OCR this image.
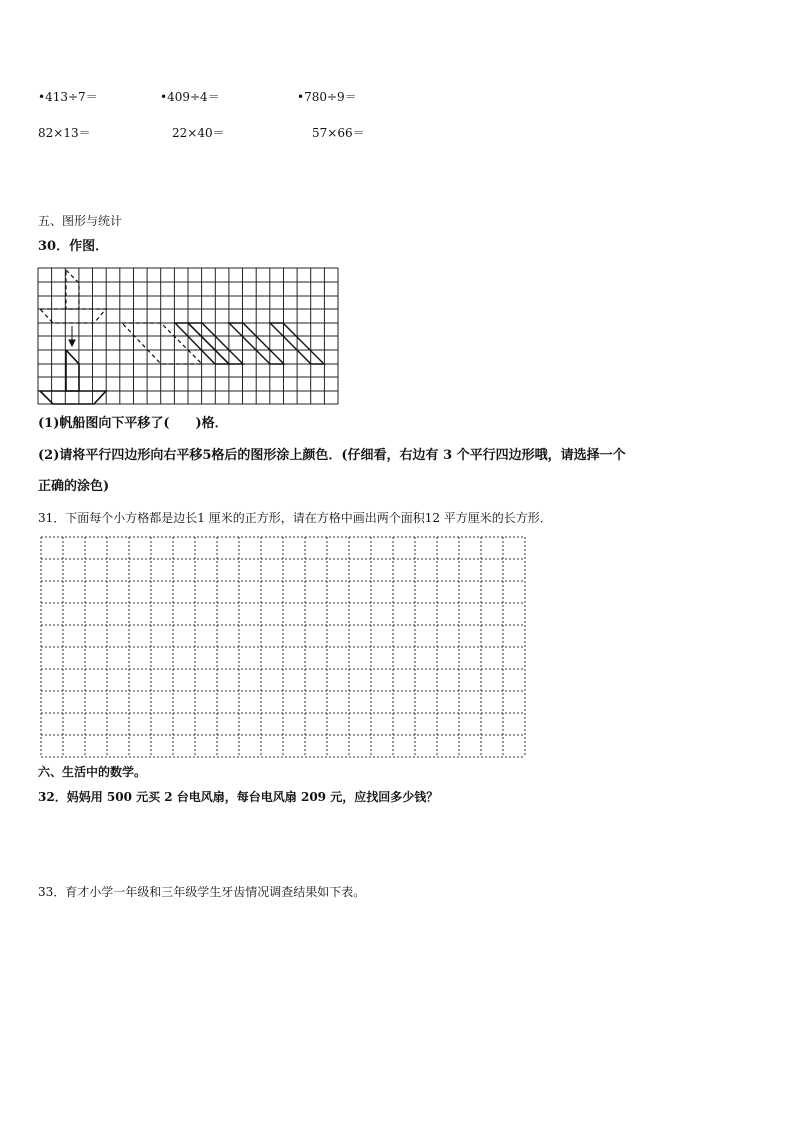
•413÷7＝	•409÷4＝	•780÷9＝
82×13＝	22×40＝	57×66＝
五、图形与统计
30．作图．
(1)帆船图向下平移了(　　)格．
(2)请将平行四边形向右平移5格后的图形涂上颜色．(仔细看，右边有 3 个平行四边形哦，请选择一个
正确的涂色)
31．下面每个小方格都是边长1 厘米的正方形，请在方格中画出两个面积12 平方厘米的长方形．
六、生活中的数学。
32．妈妈用 500 元买 2 台电风扇，每台电风扇 209 元，应找回多少钱？
33．育才小学一年级和三年级学生牙齿情况调查结果如下表。
